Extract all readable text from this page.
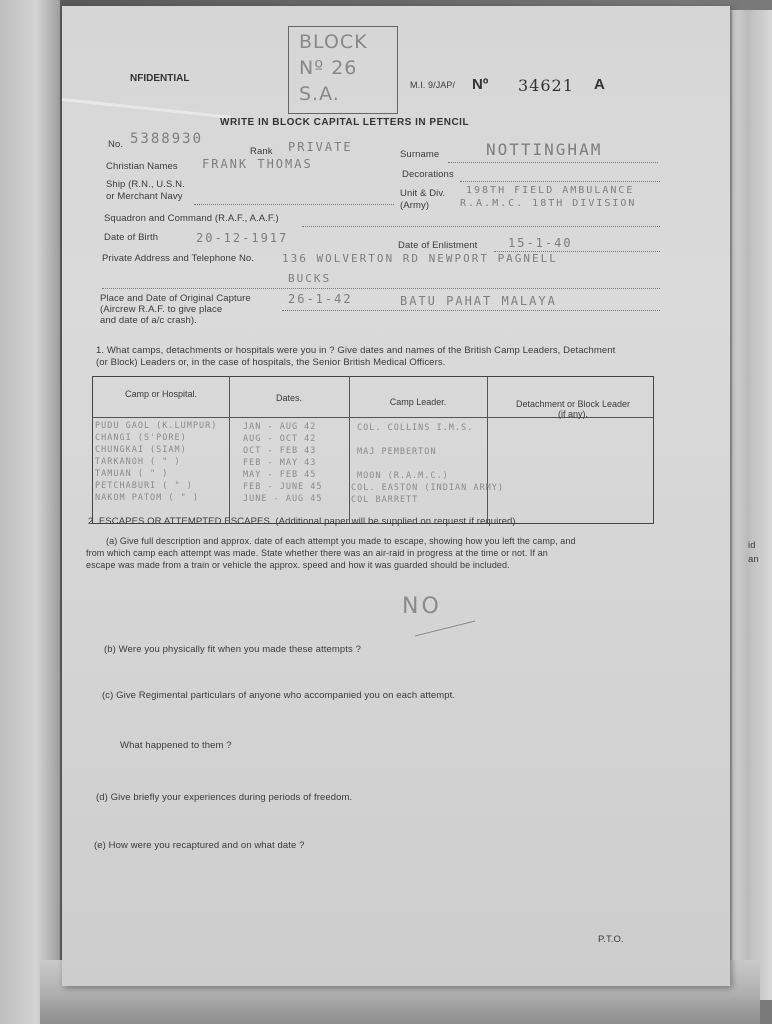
id
an
NFIDENTIAL
BLOCK
Nº 26
S.A.	M.I. 9/JAP/ Nº 34621 A
WRITE IN BLOCK CAPITAL LETTERS IN PENCIL
No. 5388930
Rank PRIVATE
Surname	NOTTINGHAM
Christian Names FRANK THOMAS
Decorations
Ship (R.N., U.S.N.
or Merchant Navy	Unit & Div.
(Army)
198TH FIELD AMBULANCE
R.A.M.C. 18TH DIVISION
Squadron and Command (R.A.F., A.A.F.)
Date of Birth	20-12-1917
Date of Enlistment	15-1-40
Private Address and Telephone No.	136 WOLVERTON RD NEWPORT PAGNELL
BUCKS
Place and Date of Original Capture
(Aircrew R.A.F. to give place
and date of a/c crash).
26-1-42	BATU PAHAT MALAYA
1. What camps, detachments or hospitals were you in ? Give dates and names of the British Camp Leaders, Detachment
(or Block) Leaders or, in the case of hospitals, the Senior British Medical Officers.
Camp or Hospital.	Dates.	Camp Leader.	Detachment or Block Leader (if any).
PUDU GAOL (K.LUMPUR)	JAN - AUG 42	COL. COLLINS I.M.S.
CHANGI (S'PORE)	AUG - OCT 42
CHUNGKAI (SIAM)	OCT - FEB 43	MAJ PEMBERTON
TARKANOH ( " )	FEB - MAY 43
TAMUAN ( " )	MAY - FEB 45	MOON (R.A.M.C.)
PETCHABURI ( " )	FEB - JUNE 45	COL. EASTON (INDIAN ARMY)
NAKOM PATOM ( " )	JUNE - AUG 45	COL BARRETT
2. ESCAPES OR ATTEMPTED ESCAPES. (Additional paper will be supplied on request if required).
(a) Give full description and approx. date of each attempt you made to escape, showing how you left the camp, and
from which camp each attempt was made. State whether there was an air-raid in progress at the time or not. If an
escape was made from a train or vehicle the approx. speed and how it was guarded should be included.
NO
(b) Were you physically fit when you made these attempts ?
(c) Give Regimental particulars of anyone who accompanied you on each attempt.
What happened to them ?
(d) Give briefly your experiences during periods of freedom.
(e) How were you recaptured and on what date ?
P.T.O.
